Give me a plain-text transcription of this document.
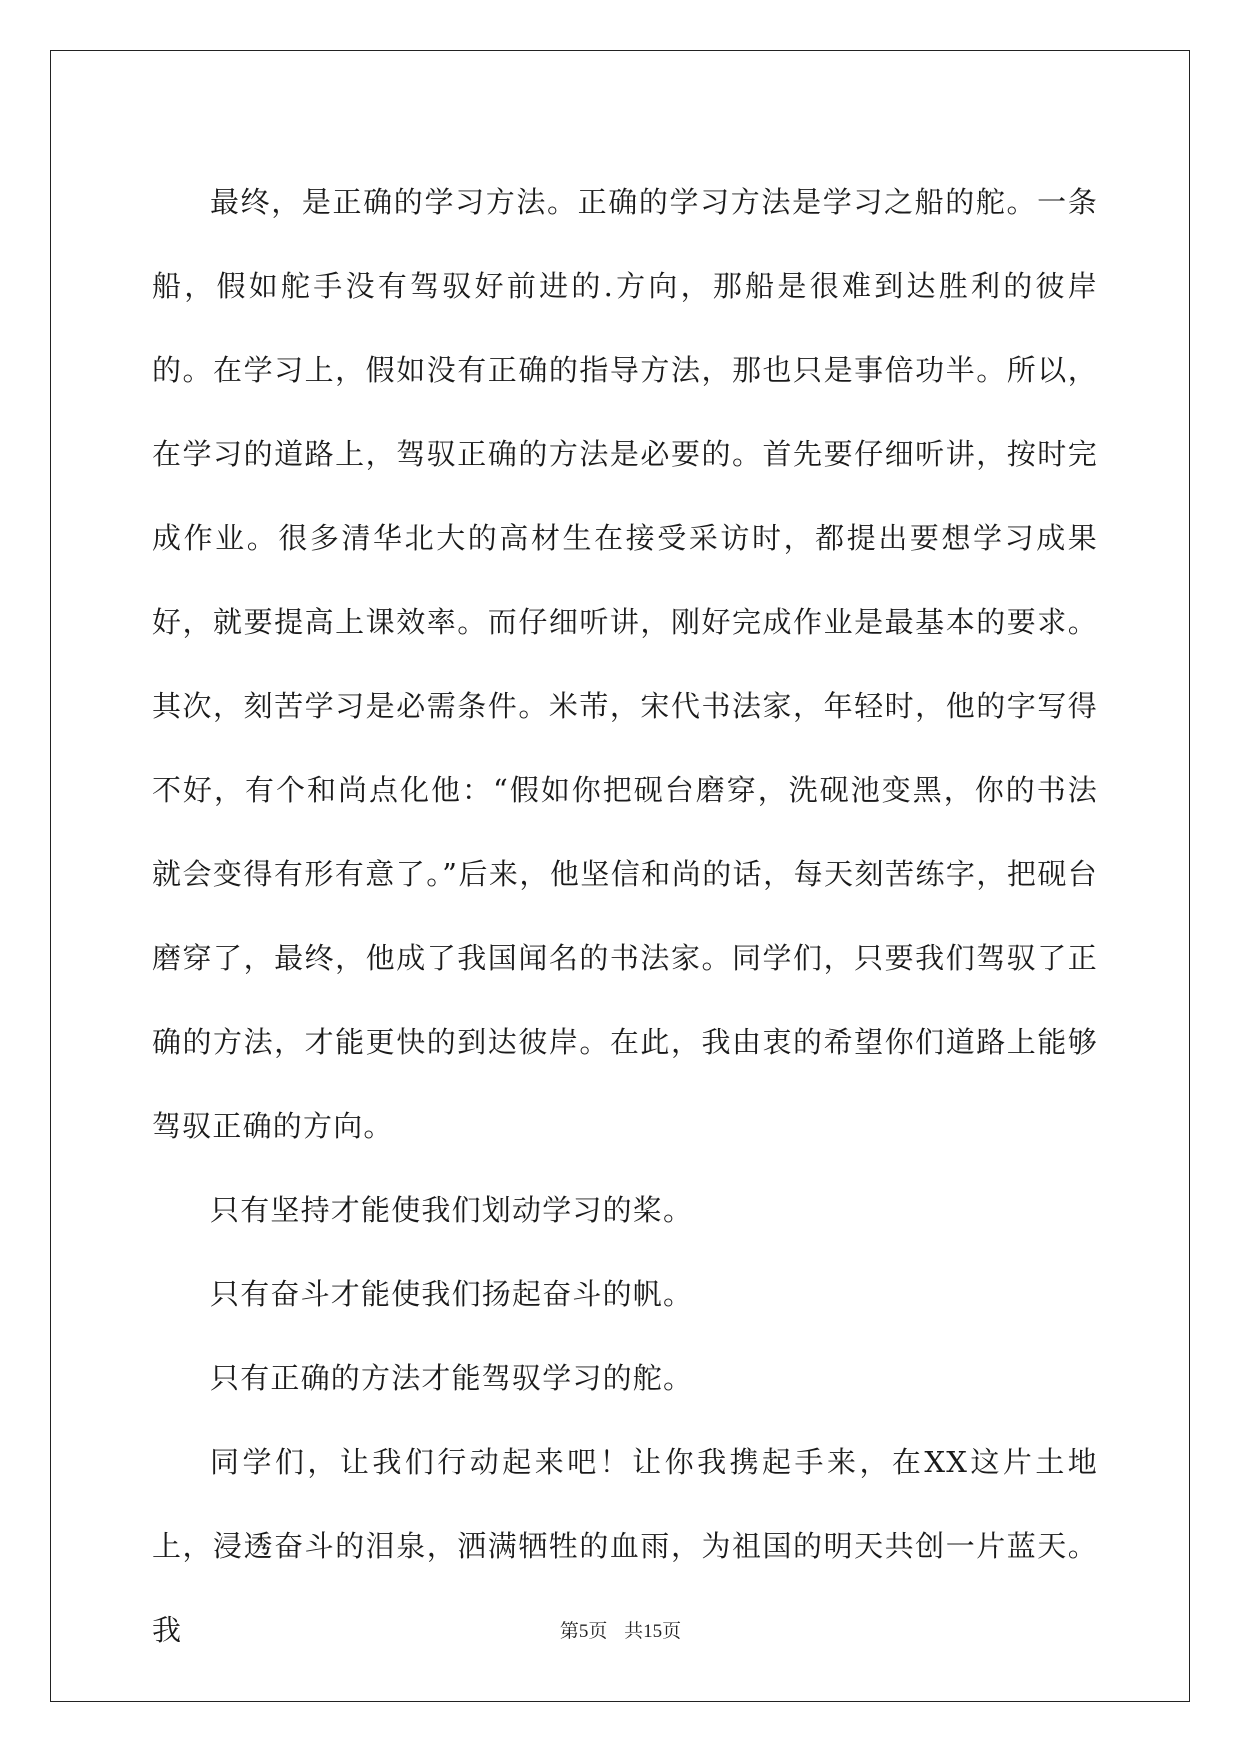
最终，是正确的学习方法。正确的学习方法是学习之船的舵。一条船，假如舵手没有驾驭好前进的.方向，那船是很难到达胜利的彼岸的。在学习上，假如没有正确的指导方法，那也只是事倍功半。所以，在学习的道路上，驾驭正确的方法是必要的。首先要仔细听讲，按时完成作业。很多清华北大的高材生在接受采访时，都提出要想学习成果好，就要提高上课效率。而仔细听讲，刚好完成作业是最基本的要求。其次，刻苦学习是必需条件。米芾，宋代书法家，年轻时，他的字写得不好，有个和尚点化他：“假如你把砚台磨穿，洗砚池变黑，你的书法就会变得有形有意了。”后来，他坚信和尚的话，每天刻苦练字，把砚台磨穿了，最终，他成了我国闻名的书法家。同学们，只要我们驾驭了正确的方法，才能更快的到达彼岸。在此，我由衷的希望你们道路上能够驾驭正确的方向。

只有坚持才能使我们划动学习的桨。

只有奋斗才能使我们扬起奋斗的帆。

只有正确的方法才能驾驭学习的舵。

同学们，让我们行动起来吧！让你我携起手来，在XX这片土地上，浸透奋斗的泪泉，洒满牺牲的血雨，为祖国的明天共创一片蓝天。我	第5页 共15页
